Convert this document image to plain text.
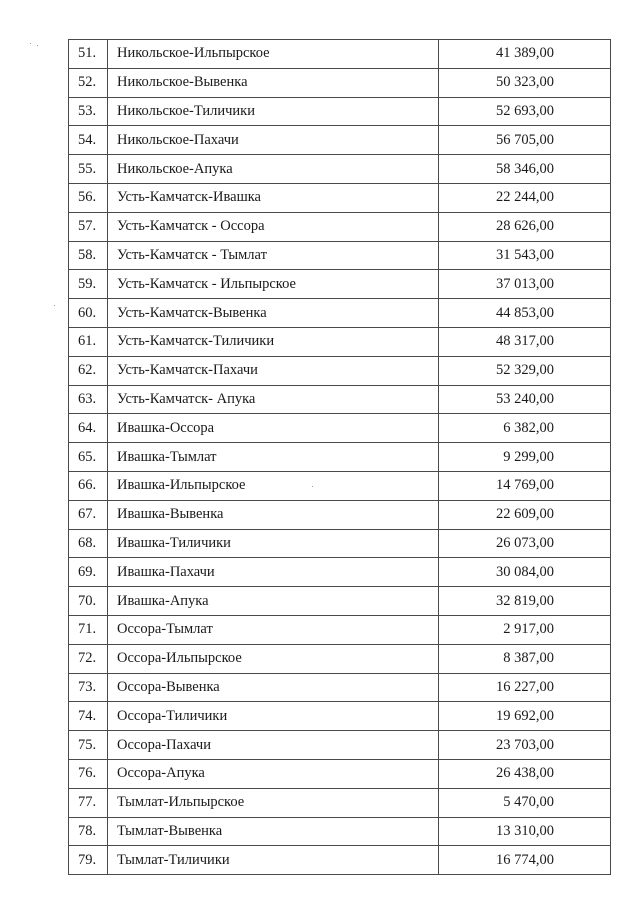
51.	Никольское-Ильпырское	41 389,00
52.	Никольское-Вывенка	50 323,00
53.	Никольское-Тиличики	52 693,00
54.	Никольское-Пахачи	56 705,00
55.	Никольское-Апука	58 346,00
56.	Усть-Камчатск-Ивашка	22 244,00
57.	Усть-Камчатск - Оссора	28 626,00
58.	Усть-Камчатск - Тымлат	31 543,00
59.	Усть-Камчатск - Ильпырское	37 013,00
60.	Усть-Камчатск-Вывенка	44 853,00
61.	Усть-Камчатск-Тиличики	48 317,00
62.	Усть-Камчатск-Пахачи	52 329,00
63.	Усть-Камчатск- Апука	53 240,00
64.	Ивашка-Оссора	6 382,00
65.	Ивашка-Тымлат	9 299,00
66.	Ивашка-Ильпырское	14 769,00
67.	Ивашка-Вывенка	22 609,00
68.	Ивашка-Тиличики	26 073,00
69.	Ивашка-Пахачи	30 084,00
70.	Ивашка-Апука	32 819,00
71.	Оссора-Тымлат	2 917,00
72.	Оссора-Ильпырское	8 387,00
73.	Оссора-Вывенка	16 227,00
74.	Оссора-Тиличики	19 692,00
75.	Оссора-Пахачи	23 703,00
76.	Оссора-Апука	26 438,00
77.	Тымлат-Ильпырское	5 470,00
78.	Тымлат-Вывенка	13 310,00
79.	Тымлат-Тиличики	16 774,00
